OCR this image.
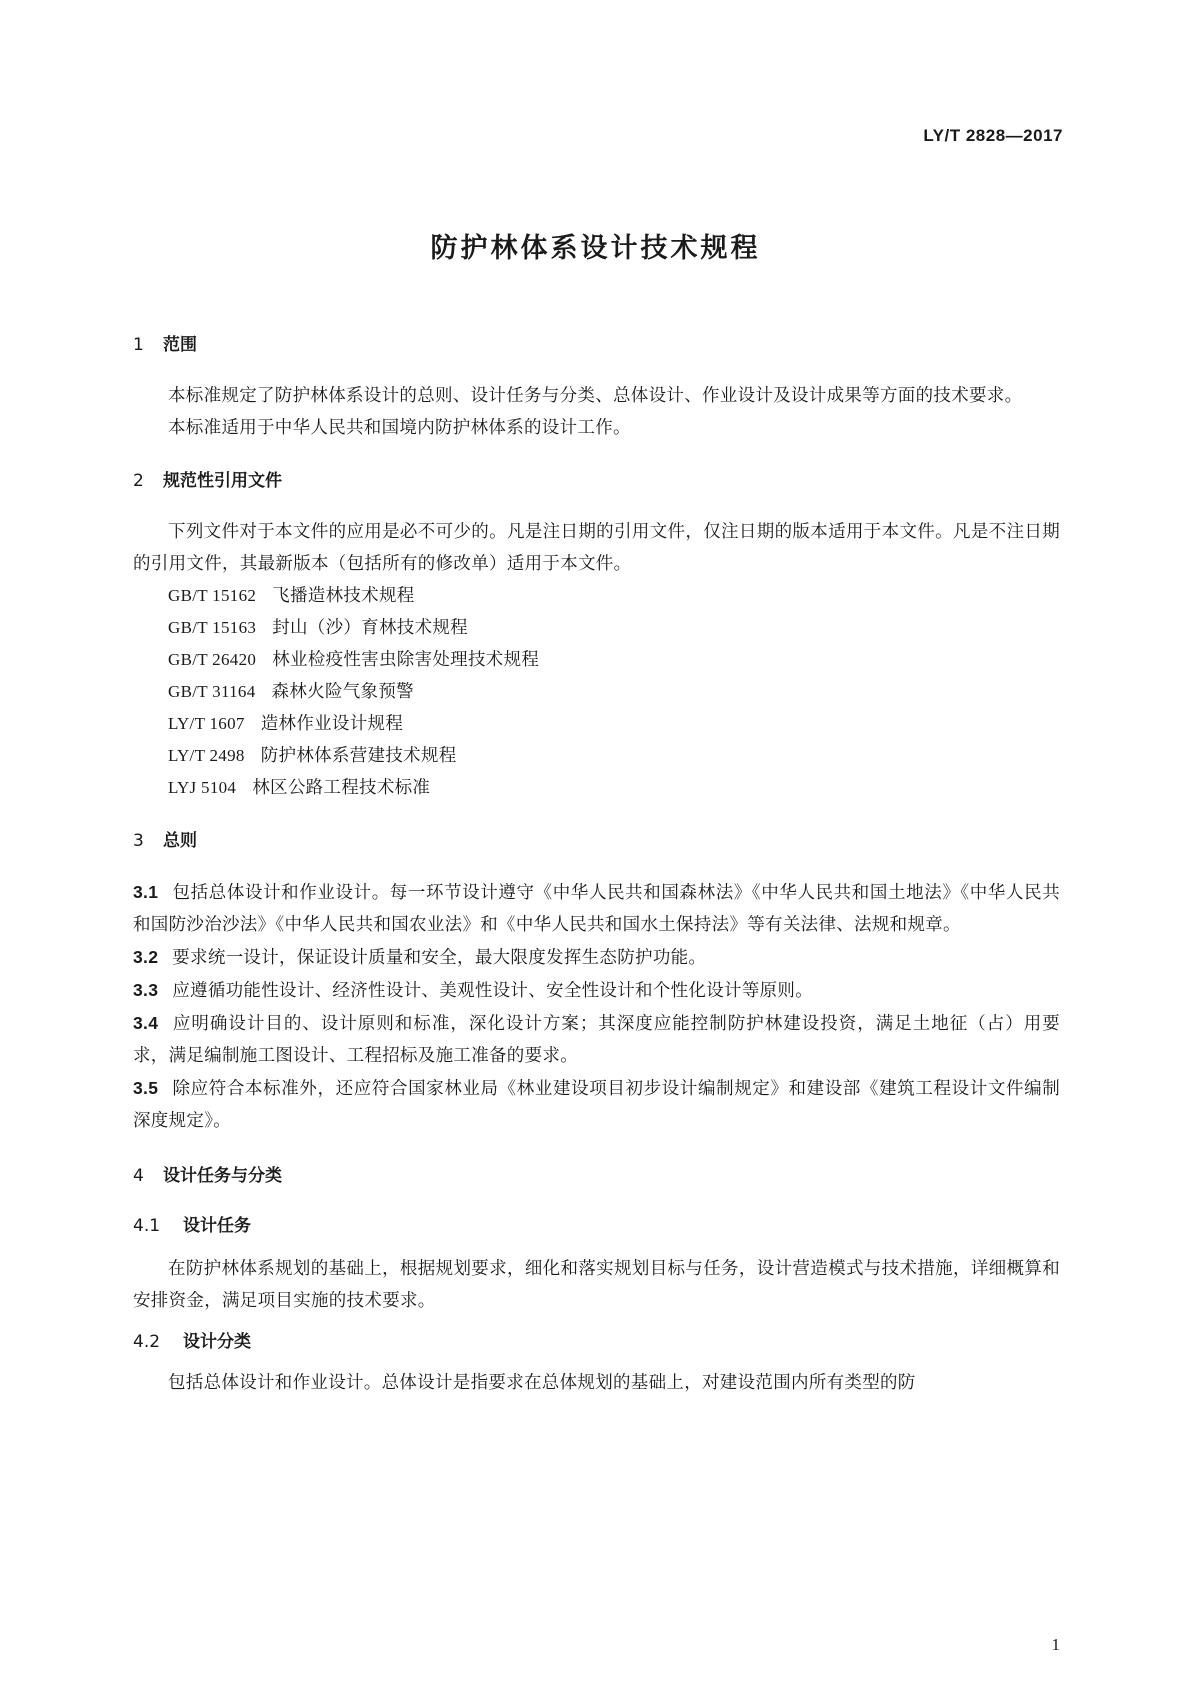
LY/T 2828—2017
防护林体系设计技术规程
1 范围
本标准规定了防护林体系设计的总则、设计任务与分类、总体设计、作业设计及设计成果等方面的技术要求。
本标准适用于中华人民共和国境内防护林体系的设计工作。
2 规范性引用文件
下列文件对于本文件的应用是必不可少的。凡是注日期的引用文件，仅注日期的版本适用于本文件。凡是不注日期的引用文件，其最新版本（包括所有的修改单）适用于本文件。
GB/T 15162 飞播造林技术规程
GB/T 15163 封山（沙）育林技术规程
GB/T 26420 林业检疫性害虫除害处理技术规程
GB/T 31164 森林火险气象预警
LY/T 1607 造林作业设计规程
LY/T 2498 防护林体系营建技术规程
LYJ 5104 林区公路工程技术标准
3 总则
3.1 包括总体设计和作业设计。每一环节设计遵守《中华人民共和国森林法》《中华人民共和国土地法》《中华人民共和国防沙治沙法》《中华人民共和国农业法》和《中华人民共和国水土保持法》等有关法律、法规和规章。
3.2 要求统一设计，保证设计质量和安全，最大限度发挥生态防护功能。
3.3 应遵循功能性设计、经济性设计、美观性设计、安全性设计和个性化设计等原则。
3.4 应明确设计目的、设计原则和标准，深化设计方案；其深度应能控制防护林建设投资，满足土地征（占）用要求，满足编制施工图设计、工程招标及施工准备的要求。
3.5 除应符合本标准外，还应符合国家林业局《林业建设项目初步设计编制规定》和建设部《建筑工程设计文件编制深度规定》。
4 设计任务与分类
4.1 设计任务
在防护林体系规划的基础上，根据规划要求，细化和落实规划目标与任务，设计营造模式与技术措施，详细概算和安排资金，满足项目实施的技术要求。
4.2 设计分类
包括总体设计和作业设计。总体设计是指要求在总体规划的基础上，对建设范围内所有类型的防
1
